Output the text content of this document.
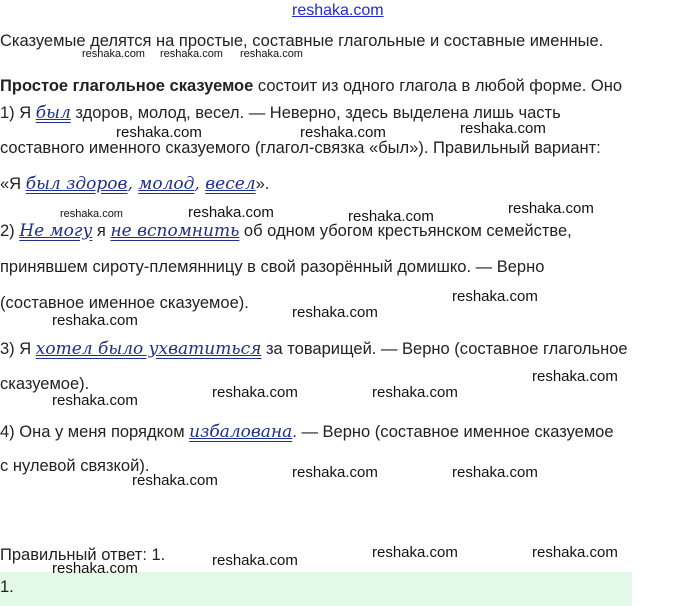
reshaka.com
Сказуемые делятся на простые, составные глагольные и составные именные.
Простое глагольное сказуемое состоит из одного глагола в любой форме. Оно
1) Я был здоров, молод, весел. — Неверно, здесь выделена лишь часть
составного именного сказуемого (глагол-связка «был»). Правильный вариант:
«Я был здоров, молод, весел».
2) Не могу я не вспомнить об одном убогом крестьянском семействе,
принявшем сироту-племянницу в свой разорённый домишко. — Верно
(составное именное сказуемое).
3) Я хотел было ухватиться за товарищей. — Верно (составное глагольное
сказуемое).
4) Она у меня порядком избалована. — Верно (составное именное сказуемое
с нулевой связкой).
Правильный ответ: 1.
1.
reshaka.com reshaka.com reshaka.com
reshaka.com	reshaka.com	reshaka.com
reshaka.com	reshaka.com	reshaka.com	reshaka.com
reshaka.com
reshaka.com	reshaka.com
reshaka.com
reshaka.com	reshaka.com	reshaka.com
reshaka.com	reshaka.com
reshaka.com
reshaka.com	reshaka.com
reshaka.com
reshaka.com
